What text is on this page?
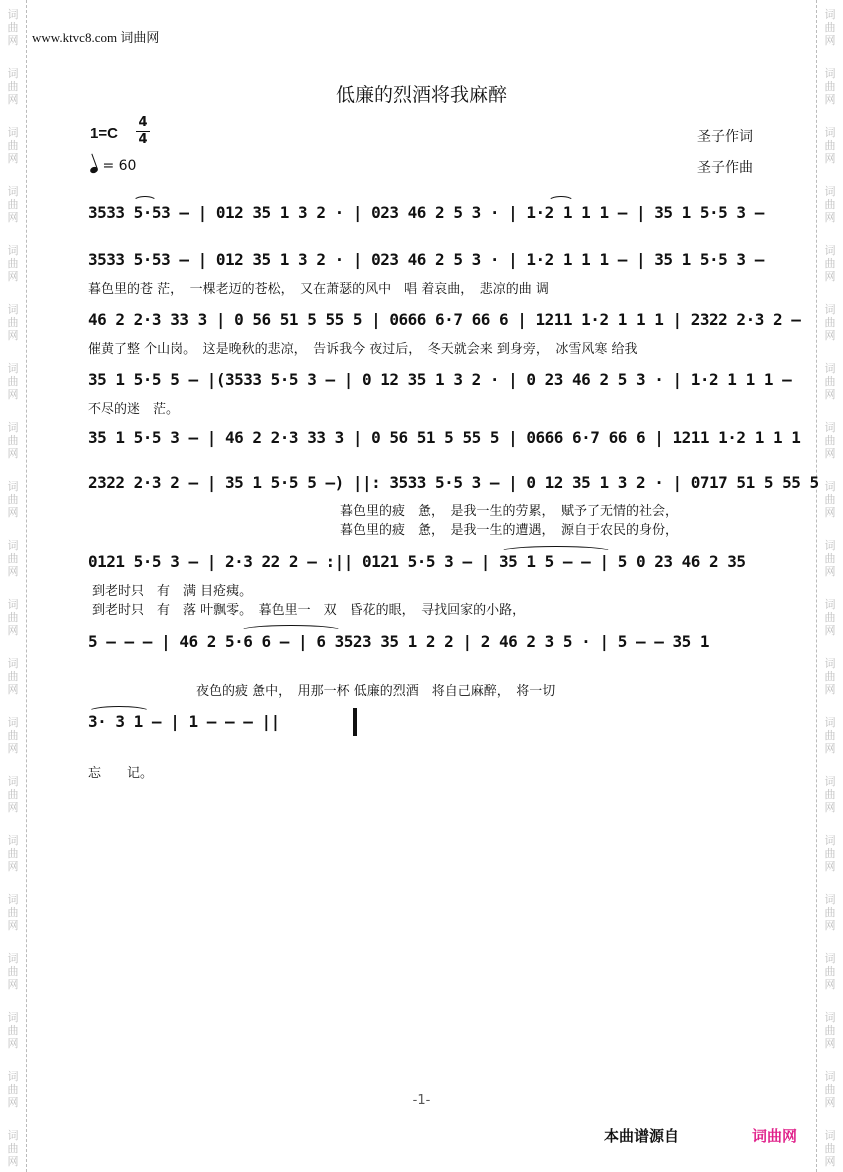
词
曲
网
词
曲
网
词
曲
网
词
曲
网
词
曲
网
词
曲
网
词
曲
网
词
曲
网
词
曲
网
词
曲
网
词
曲
网
词
曲
网
词
曲
网
词
曲
网
词
曲
网
词
曲
网
词
曲
网
词
曲
网
词
曲
网
词
曲
网
词
曲
网
词
曲
网
词
曲
网
词
曲
网
词
曲
网
词
曲
网
词
曲
网
词
曲
网
词
曲
网
词
曲
网
词
曲
网
词
曲
网
词
曲
网
词
曲
网
词
曲
网
词
曲
网
词
曲
网
词
曲
网
词
曲
网
词
曲
网
www.ktvc8.com 词曲网
低廉的烈酒将我麻醉
1=C
4
4
= 60
圣子作词
圣子作曲
3533 5·53 – | 012 35 1 3 2 · | 023 46 2 5 3 · | 1·2 1 1 1 – | 35 1 5·5 3 –
3533 5·53 – | 012 35 1 3 2 · | 023 46 2 5 3 · | 1·2 1 1 1 – | 35 1 5·5 3 –
暮色里的苍 茫，　一棵老迈的苍松，　又在萧瑟的风中　唱 着哀曲，　悲凉的曲 调
46 2 2·3 33 3 | 0 56 51 5 55 5 | 0666 6·7 66 6 | 1211 1·2 1 1 1 | 2322 2·3 2 –
催黄了整 个山岗。　这是晚秋的悲凉，　告诉我今 夜过后，　冬天就会来 到身旁，　冰雪风寒 给我
35 1 5·5 5 – |(3533 5·5 3 – | 0 12 35 1 3 2 · | 0 23 46 2 5 3 · | 1·2 1 1 1 –
不尽的迷　茫。
35 1 5·5 3 – | 46 2 2·3 33 3 | 0 56 51 5 55 5 | 0666 6·7 66 6 | 1211 1·2 1 1 1
2322 2·3 2 – | 35 1 5·5 5 –) ||: 3533 5·5 3 – | 0 12 35 1 3 2 · | 0717 51 5 55 5
暮色里的疲　惫，　是我一生的劳累，　赋予了无情的社会，
暮色里的疲　惫，　是我一生的遭遇，　源自于农民的身份，
0121 5·5 3 – | 2·3 22 2 – :|| 0121 5·5 3 – | 35 1 5 – – | 5 0 23 46 2 35
到老时只　有　满 目疮痍。
到老时只　有　落 叶飘零。　暮色里一　双　昏花的眼，　寻找回家的小路，
5 – – – | 46 2 5·6 6 – | 6 3523 35 1 2 2 | 2 46 2 3 5 · | 5 – – 35 1
夜色的疲 惫中，　用那一杯 低廉的烈酒　将自己麻醉，　将一切
3· 3 1 – | 1 – – – ||
忘　　记。
-1-
本曲谱源自	词曲网
